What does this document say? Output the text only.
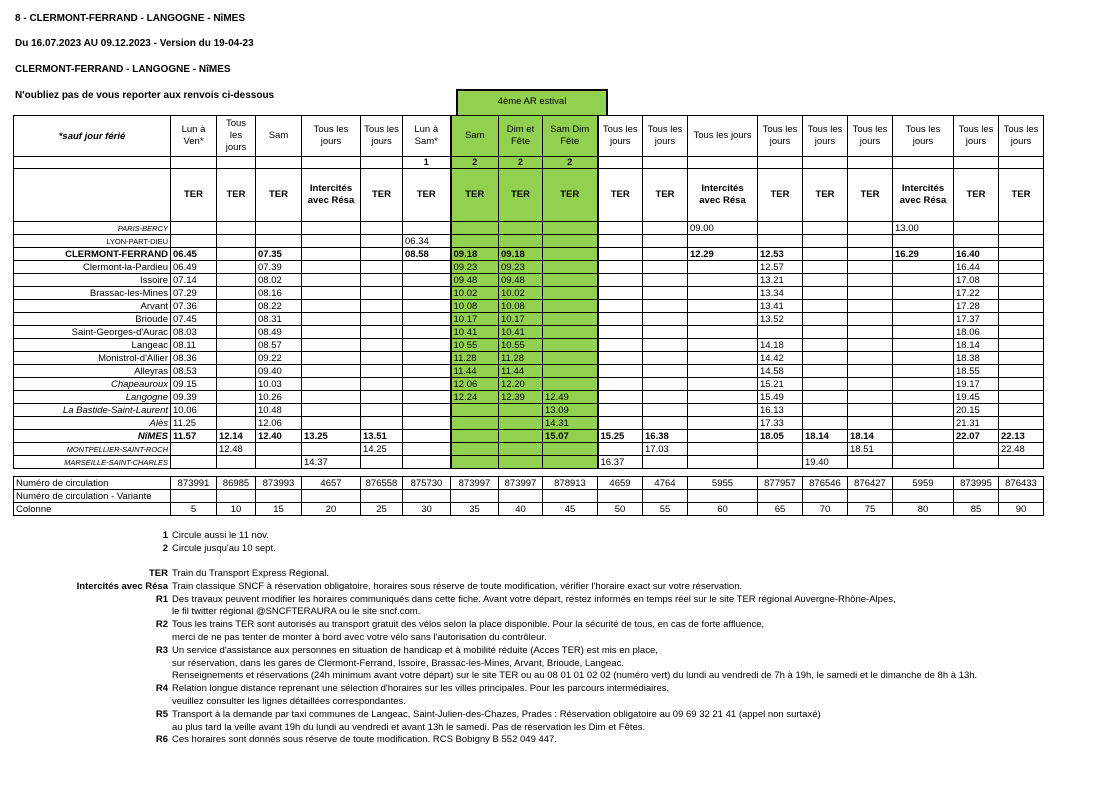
8 - CLERMONT-FERRAND - LANGOGNE - NîMES
Du 16.07.2023 AU 09.12.2023 - Version du 19-04-23
CLERMONT-FERRAND - LANGOGNE - NîMES
N'oubliez pas de vous reporter aux renvois ci-dessous
4ème AR estival
*sauf jour férié	Lun à Ven*	Tous les jours	Sam	Tous les jours	Tous les jours	Lun à Sam*	Sam	Dim et Fête	Sam Dim Fête	Tous les jours	Tous les jours	Tous les jours	Tous les jours	Tous les jours	Tous les jours	Tous les jours	Tous les jours	Tous les jours
						1	2	2	2									
	TER	TER	TER	Intercités avec Résa	TER	TER	TER	TER	TER	TER	TER	Intercités avec Résa	TER	TER	TER	Intercités avec Résa	TER	TER
PARIS-BERCY												09.00				13.00		
LYON-PART-DIEU						06.34												
CLERMONT-FERRAND	06.45		07.35			08.58	09.18	09.18				12.29	12.53			16.29	16.40	
Clermont-la-Pardieu	06.49		07.39				09.23	09.23					12.57				16.44	
Issoire	07.14		08.02				09.48	09.48					13.21				17.08	
Brassac-les-Mines	07.29		08.16				10.02	10.02					13.34				17.22	
Arvant	07.36		08.22				10.08	10.08					13.41				17.28	
Brioude	07.45		08.31				10.17	10.17					13.52				17.37	
Saint-Georges-d'Aurac	08.03		08.49				10.41	10.41									18.06	
Langeac	08.11		08.57				10.55	10.55					14.18				18.14	
Monistrol-d'Allier	08.36		09.22				11.28	11.28					14.42				18.38	
Alleyras	08.53		09.40				11.44	11.44					14.58				18.55	
Chapeauroux	09.15		10.03				12.06	12.20					15.21				19.17	
Langogne	09.39		10.26				12.24	12.39	12.49				15.49				19.45	
La Bastide-Saint-Laurent	10.06		10.48						13.09				16.13				20.15	
Alès	11.25		12.06						14.31				17.33				21.31	
NîMES	11.57	12.14	12.40	13.25	13.51				15.07	15.25	16.38		18.05	18.14	18.14		22.07	22.13
MONTPELLIER-SAINT-ROCH		12.48			14.25						17.03				18.51			22.48
MARSEILLE-SAINT-CHARLES				14.37						16.37				19.40				
Numéro de circulation	873991	86985	873993	4657	876558	875730	873997	873997	878913	4659	4764	5955	877957	876546	876427	5959	873995	876433
Numéro de circulation - Variante																		
Colonne	5	10	15	20	25	30	35	40	45	50	55	60	65	70	75	80	85	90
1 Circule aussi le 11 nov.
2 Circule jusqu'au 10 sept.
TER Train du Transport Express Régional.
Intercités avec Résa Train classique SNCF à réservation obligatoire, horaires sous réserve de toute modification, vérifier l'horaire exact sur votre réservation.
R1 Des travaux peuvent modifier les horaires communiqués dans cette fiche. Avant votre départ, restez informés en temps réel sur le site TER régional Auvergne-Rhône-Alpes,
le fil twitter régional @SNCFTERAURA ou le site sncf.com.
R2 Tous les trains TER sont autorisés au transport gratuit des vélos selon la place disponible. Pour la sécurité de tous, en cas de forte affluence,
merci de ne pas tenter de monter à bord avec votre vélo sans l'autorisation du contrôleur.
R3 Un service d'assistance aux personnes en situation de handicap et à mobilité réduite (Acces TER) est mis en place,
sur réservation, dans les gares de Clermont-Ferrand, Issoire, Brassac-les-Mines, Arvant, Brioude, Langeac.
Renseignements et réservations (24h minimum avant votre départ) sur le site TER ou au 08 01 01 02 02 (numéro vert) du lundi au vendredi de 7h à 19h, le samedi et le dimanche de 8h à 13h.
R4 Relation longue distance reprenant une sélection d'horaires sur les villes principales. Pour les parcours intermédiaires,
veuillez consulter les lignes détaillées correspondantes.
R5 Transport à la demande par taxi communes de Langeac, Saint-Julien-des-Chazes, Prades : Réservation obligatoire au 09 69 32 21 41 (appel non surtaxé)
au plus tard la veille avant 19h du lundi au vendredi et avant 13h le samedi. Pas de réservation les Dim et Fêtes.
R6 Ces horaires sont donnés sous réserve de toute modification. RCS Bobigny B 552 049 447.
